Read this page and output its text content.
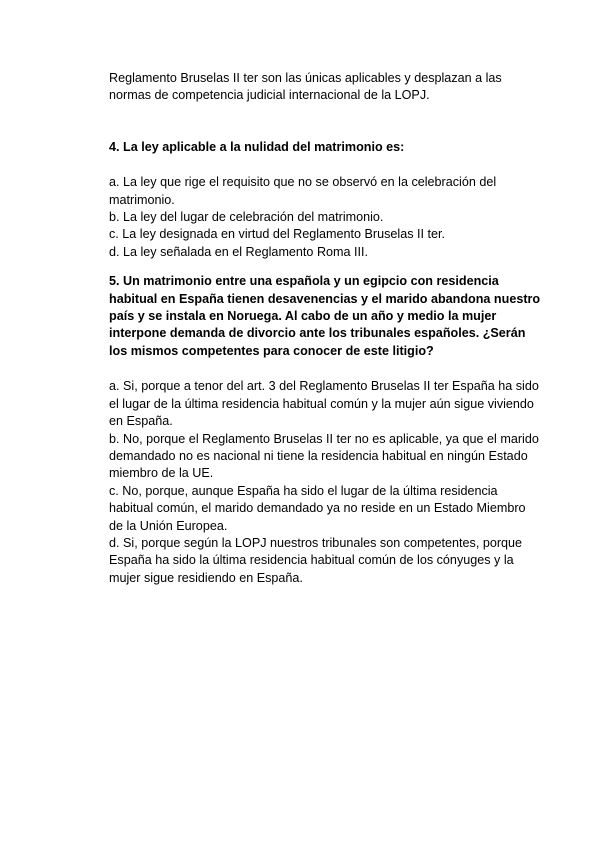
Reglamento Bruselas II ter son las únicas aplicables y desplazan a las normas de competencia judicial internacional de la LOPJ.

4. La ley aplicable a la nulidad del matrimonio es:

a. La ley que rige el requisito que no se observó en la celebración del matrimonio.

b. La ley del lugar de celebración del matrimonio.

c. La ley designada en virtud del Reglamento Bruselas II ter.

d. La ley señalada en el Reglamento Roma III.

5. Un matrimonio entre una española y un egipcio con residencia habitual en España tienen desavenencias y el marido abandona nuestro país y se instala en Noruega. Al cabo de un año y medio la mujer interpone demanda de divorcio ante los tribunales españoles. ¿Serán los mismos competentes para conocer de este litigio?

a. Si, porque a tenor del art. 3 del Reglamento Bruselas II ter España ha sido el lugar de la última residencia habitual común y la mujer aún sigue viviendo en España.

b. No, porque el Reglamento Bruselas II ter no es aplicable, ya que el marido demandado no es nacional ni tiene la residencia habitual en ningún Estado miembro de la UE.

c. No, porque, aunque España ha sido el lugar de la última residencia habitual común, el marido demandado ya no reside en un Estado Miembro de la Unión Europea.

d. Si, porque según la LOPJ nuestros tribunales son competentes, porque España ha sido la última residencia habitual común de los cónyuges y la mujer sigue residiendo en España.
